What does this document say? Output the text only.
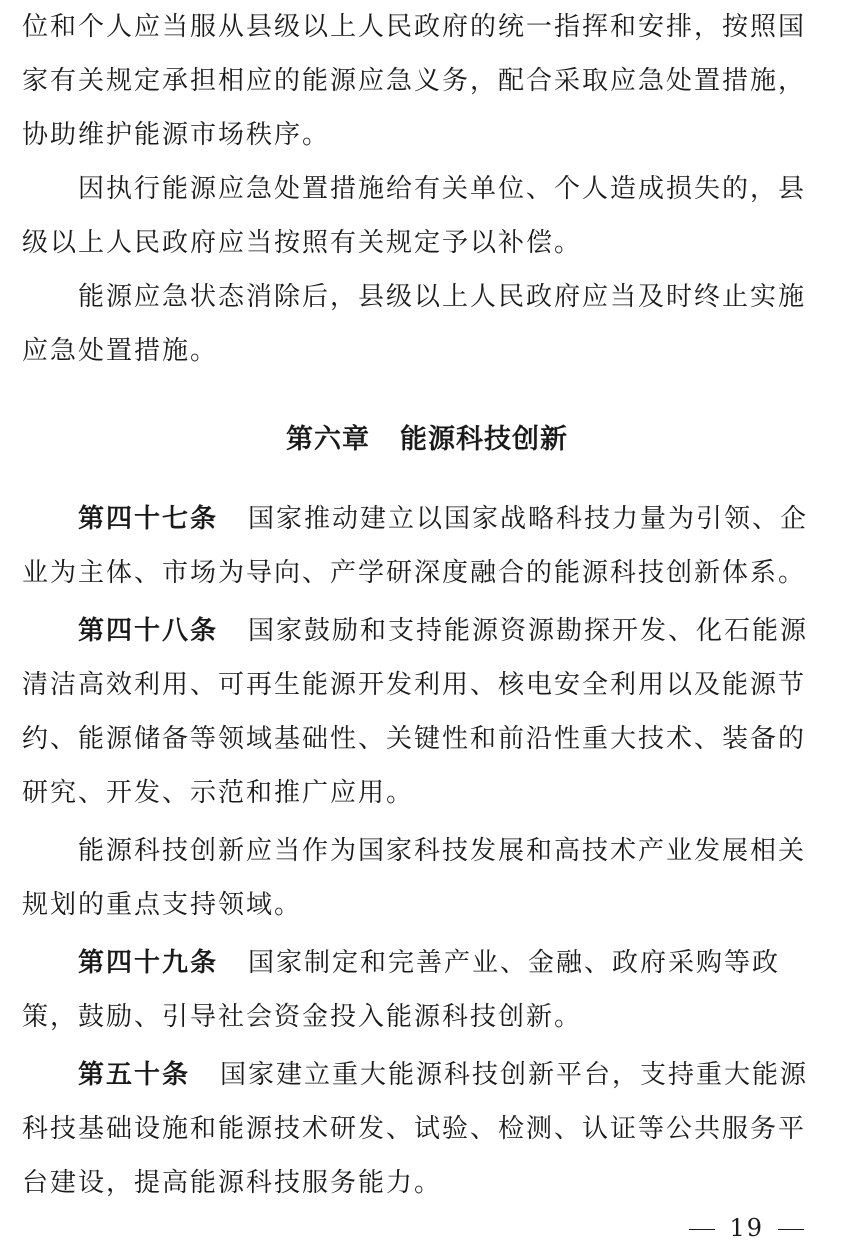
位和个人应当服从县级以上人民政府的统一指挥和安排，按照国
家有关规定承担相应的能源应急义务，配合采取应急处置措施，
协助维护能源市场秩序。
因执行能源应急处置措施给有关单位、个人造成损失的，县
级以上人民政府应当按照有关规定予以补偿。
能源应急状态消除后，县级以上人民政府应当及时终止实施
应急处置措施。
第六章 能源科技创新
第四十七条 国家推动建立以国家战略科技力量为引领、企
业为主体、市场为导向、产学研深度融合的能源科技创新体系。
第四十八条 国家鼓励和支持能源资源勘探开发、化石能源
清洁高效利用、可再生能源开发利用、核电安全利用以及能源节
约、能源储备等领域基础性、关键性和前沿性重大技术、装备的
研究、开发、示范和推广应用。
能源科技创新应当作为国家科技发展和高技术产业发展相关
规划的重点支持领域。
第四十九条 国家制定和完善产业、金融、政府采购等政
策，鼓励、引导社会资金投入能源科技创新。
第五十条 国家建立重大能源科技创新平台，支持重大能源
科技基础设施和能源技术研发、试验、检测、认证等公共服务平
台建设，提高能源科技服务能力。
19
